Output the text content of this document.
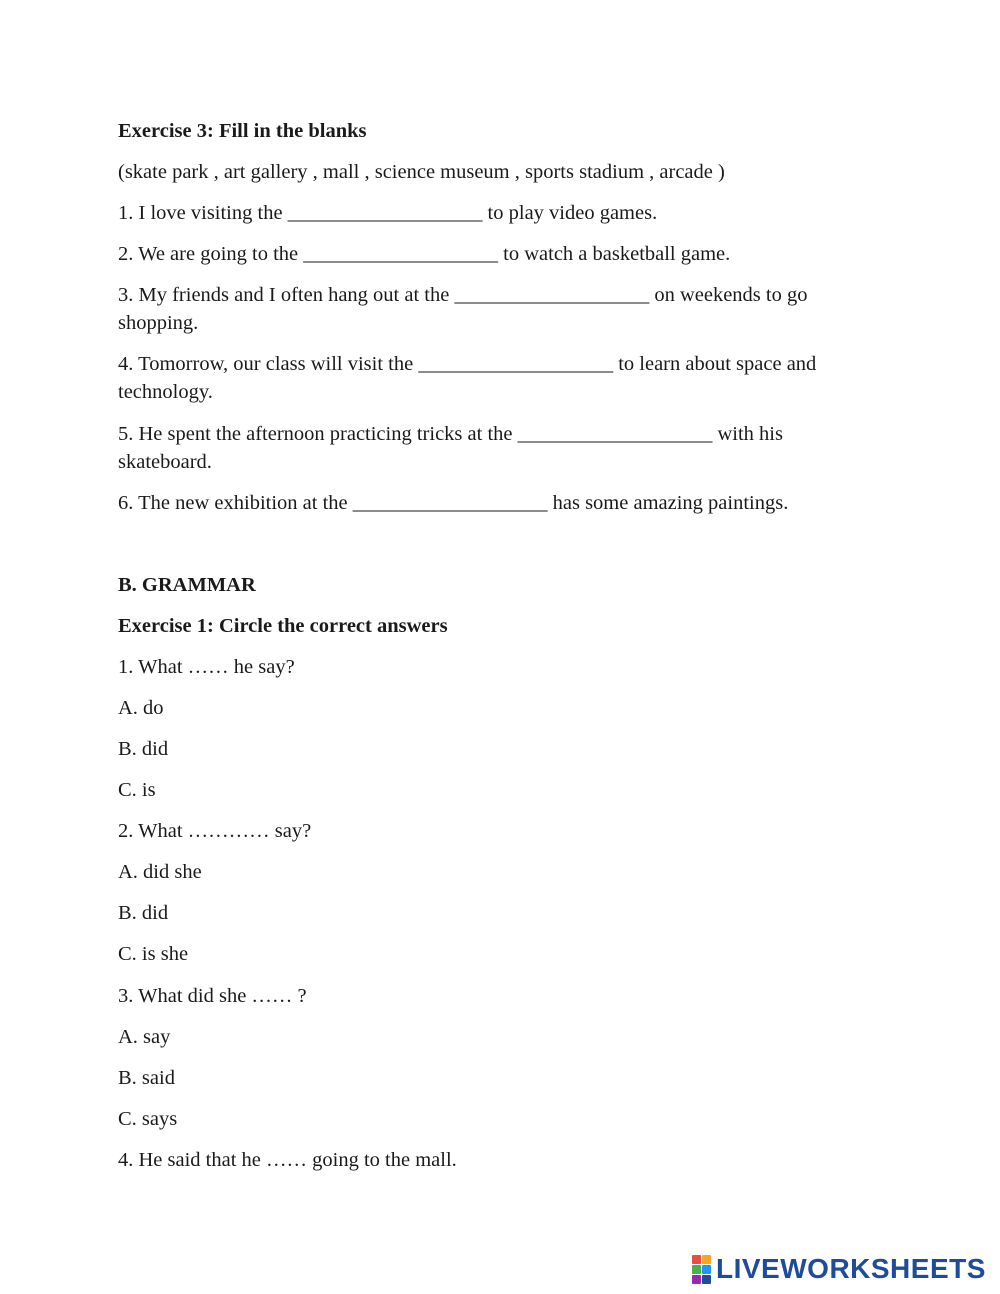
Exercise 3: Fill in the blanks
(skate park , art gallery , mall , science museum , sports stadium , arcade )
1. I love visiting the ___________________ to play video games.
2. We are going to the ___________________ to watch a basketball game.
3. My friends and I often hang out at the ___________________ on weekends to go shopping.
4. Tomorrow, our class will visit the ___________________ to learn about space and technology.
5. He spent the afternoon practicing tricks at the ___________________ with his skateboard.
6. The new exhibition at the ___________________ has some amazing paintings.
B. GRAMMAR
Exercise 1: Circle the correct answers
1. What …… he say?
A. do
B. did
C. is
2. What ………… say?
A. did she
B. did
C. is she
3. What did she …… ?
A. say
B. said
C. says
4. He said that he …… going to the mall.
LIVEWORKSHEETS
